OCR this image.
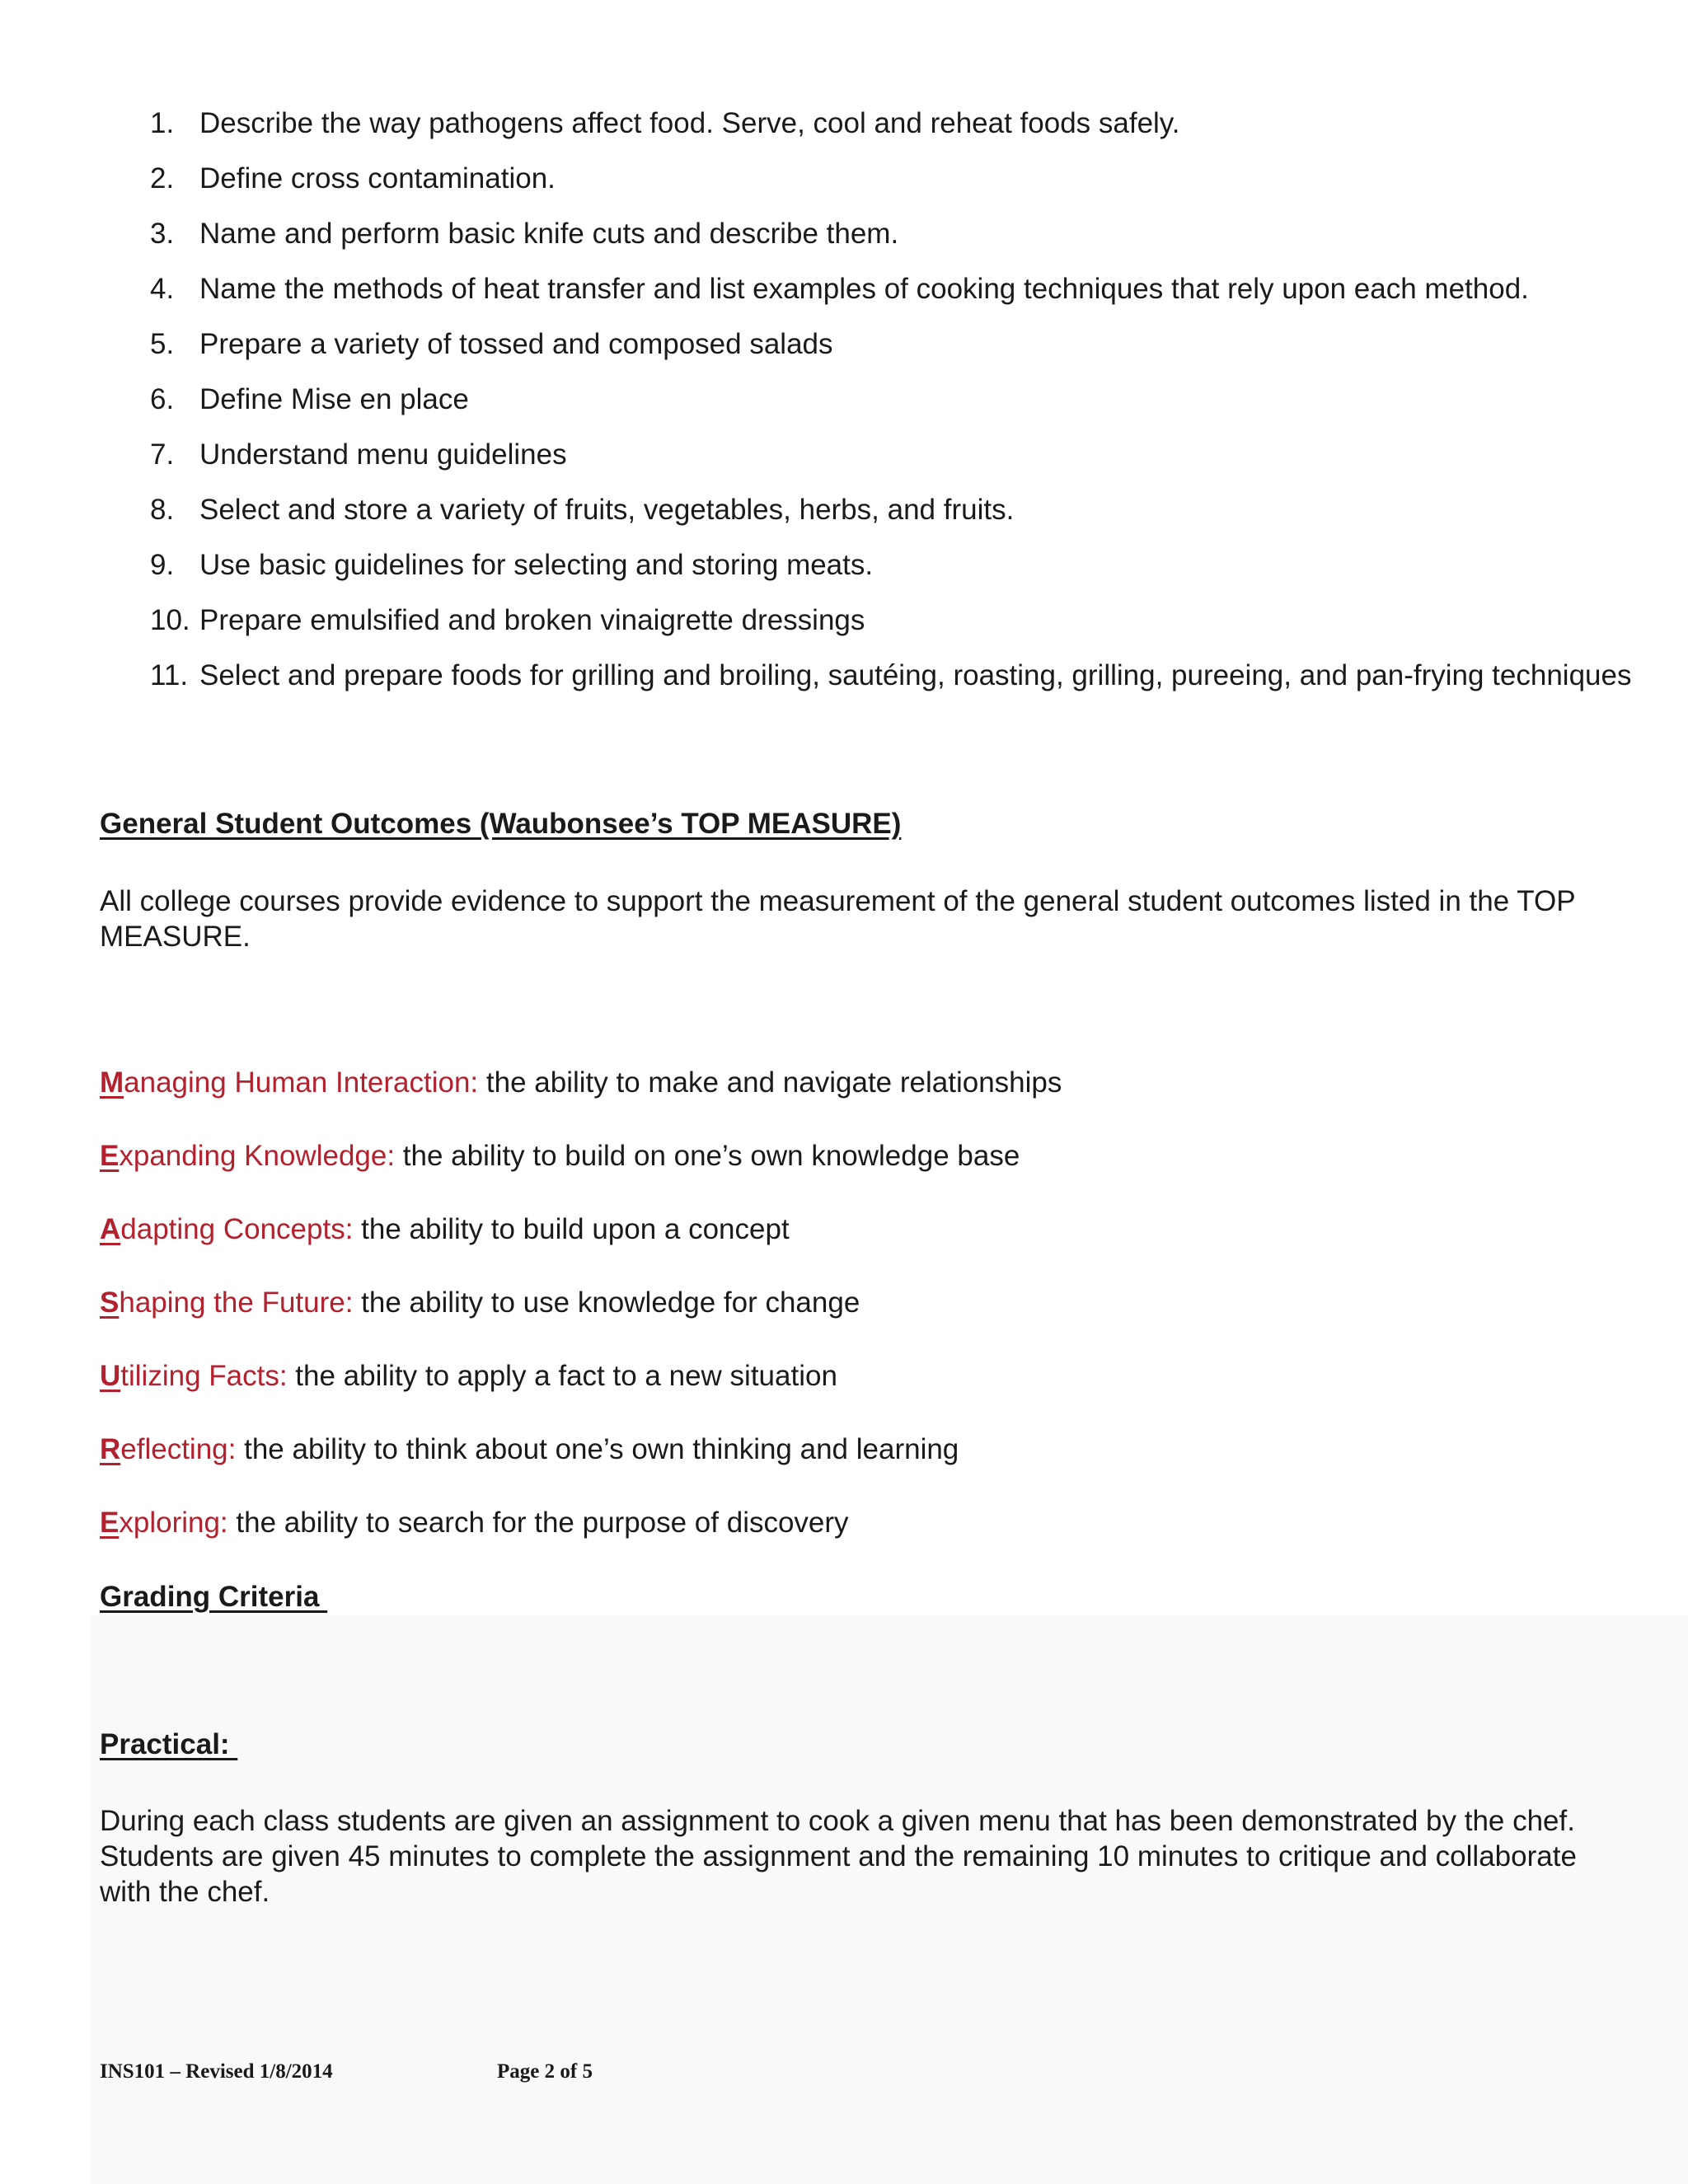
1. Describe the way pathogens affect food. Serve, cool and reheat foods safely.
2. Define cross contamination.
3. Name and perform basic knife cuts and describe them.
4. Name the methods of heat transfer and list examples of cooking techniques that rely upon each method.
5. Prepare a variety of tossed and composed salads
6. Define Mise en place
7. Understand menu guidelines
8. Select and store a variety of fruits, vegetables, herbs, and fruits.
9. Use basic guidelines for selecting and storing meats.
10. Prepare emulsified and broken vinaigrette dressings
11. Select and prepare foods for grilling and broiling, sautéing, roasting, grilling, pureeing, and pan-frying techniques
General Student Outcomes (Waubonsee’s TOP MEASURE)
All college courses provide evidence to support the measurement of the general student outcomes listed in the TOP MEASURE.
Managing Human Interaction: the ability to make and navigate relationships
Expanding Knowledge: the ability to build on one’s own knowledge base
Adapting Concepts: the ability to build upon a concept
Shaping the Future: the ability to use knowledge for change
Utilizing Facts: the ability to apply a fact to a new situation
Reflecting: the ability to think about one’s own thinking and learning
Exploring: the ability to search for the purpose of discovery
Grading Criteria
Practical:
During each class students are given an assignment to cook a given menu that has been demonstrated by the chef. Students are given 45 minutes to complete the assignment and the remaining 10 minutes to critique and collaborate with the chef.
INS101 – Revised 1/8/2014	Page 2 of 5
